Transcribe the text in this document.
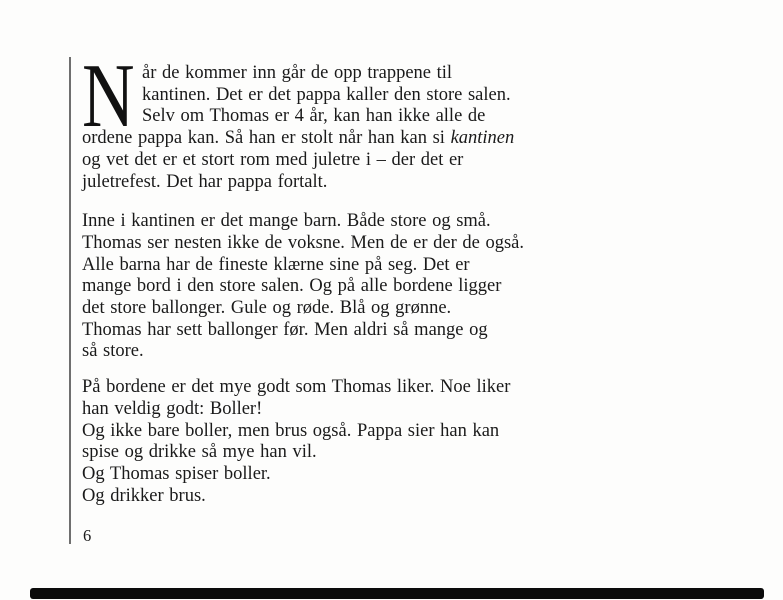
N år de kommer inn går de opp trappene til
kantinen. Det er det pappa kaller den store salen.
Selv om Thomas er 4 år, kan han ikke alle de
ordene pappa kan. Så han er stolt når han kan si kantinen
og vet det er et stort rom med juletre i – der det er
juletrefest. Det har pappa fortalt.
Inne i kantinen er det mange barn. Både store og små.
Thomas ser nesten ikke de voksne. Men de er der de også.
Alle barna har de fineste klærne sine på seg. Det er
mange bord i den store salen. Og på alle bordene ligger
det store ballonger. Gule og røde. Blå og grønne.
Thomas har sett ballonger før. Men aldri så mange og
så store.
På bordene er det mye godt som Thomas liker. Noe liker
han veldig godt: Boller!
Og ikke bare boller, men brus også. Pappa sier han kan
spise og drikke så mye han vil.
Og Thomas spiser boller.
Og drikker brus.
6
